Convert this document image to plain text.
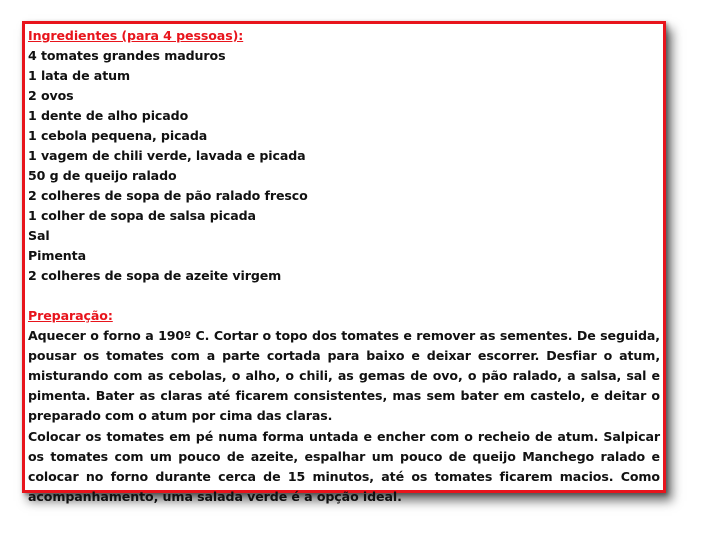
Ingredientes (para 4 pessoas):
4 tomates grandes maduros
1 lata de atum
2 ovos
1 dente de alho picado
1 cebola pequena, picada
1 vagem de chili verde, lavada e picada
50 g de queijo ralado
2 colheres de sopa de pão ralado fresco
1 colher de sopa de salsa picada
Sal
Pimenta
2 colheres de sopa de azeite virgem
Preparação:

Aquecer o forno a 190º C. Cortar o topo dos tomates e remover as sementes. De seguida, pousar os tomates com a parte cortada para baixo e deixar escorrer. Desfiar o atum, misturando com as cebolas, o alho, o chili, as gemas de ovo, o pão ralado, a salsa, sal e pimenta. Bater as claras até ficarem consistentes, mas sem bater em castelo, e deitar o preparado com o atum por cima das claras.

Colocar os tomates em pé numa forma untada e encher com o recheio de atum. Salpicar os tomates com um pouco de azeite, espalhar um pouco de queijo Manchego ralado e colocar no forno durante cerca de 15 minutos, até os tomates ficarem macios. Como acompanhamento, uma salada verde é a opção ideal.
